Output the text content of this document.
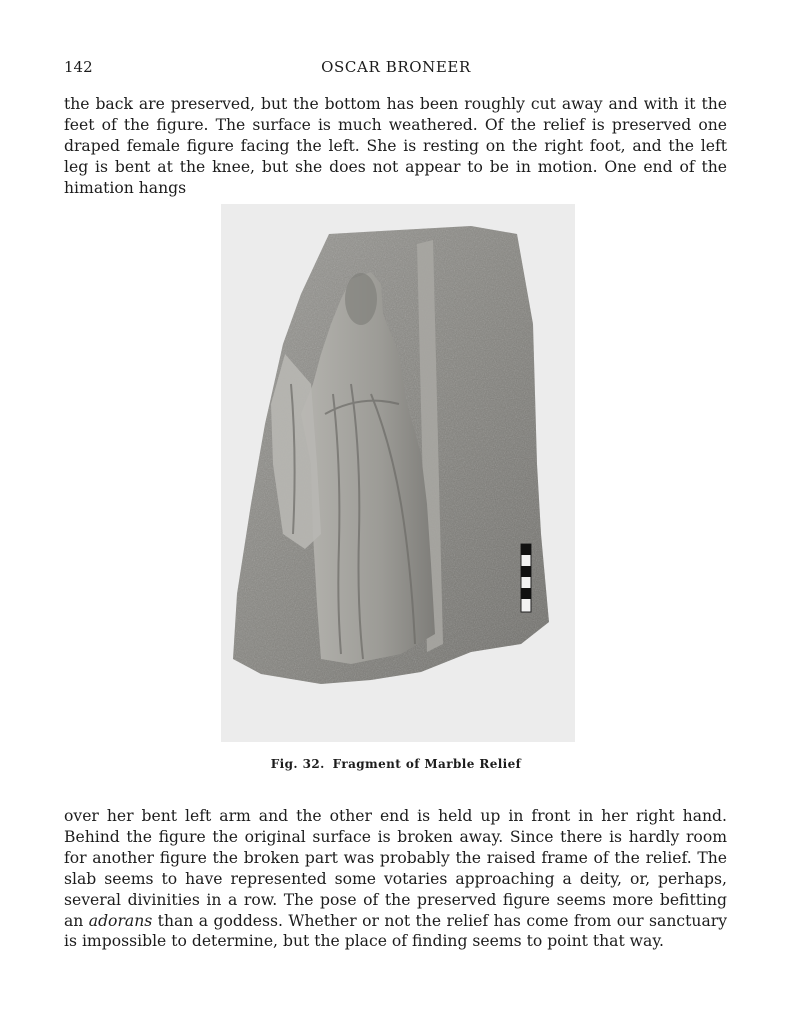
142	OSCAR BRONEER

the back are preserved, but the bottom has been roughly cut away and with it the feet of the figure. The surface is much weathered. Of the relief is preserved one draped female figure facing the left. She is resting on the right foot, and the left leg is bent at the knee, but she does not appear to be in motion. One end of the himation hangs

Fig. 32. Fragment of Marble Relief

over her bent left arm and the other end is held up in front in her right hand. Behind the figure the original surface is broken away. Since there is hardly room for another figure the broken part was probably the raised frame of the relief. The slab seems to have represented some votaries approaching a deity, or, perhaps, several divinities in a row. The pose of the preserved figure seems more befitting an adorans than a goddess. Whether or not the relief has come from our sanctuary is impossible to determine, but the place of finding seems to point that way.
